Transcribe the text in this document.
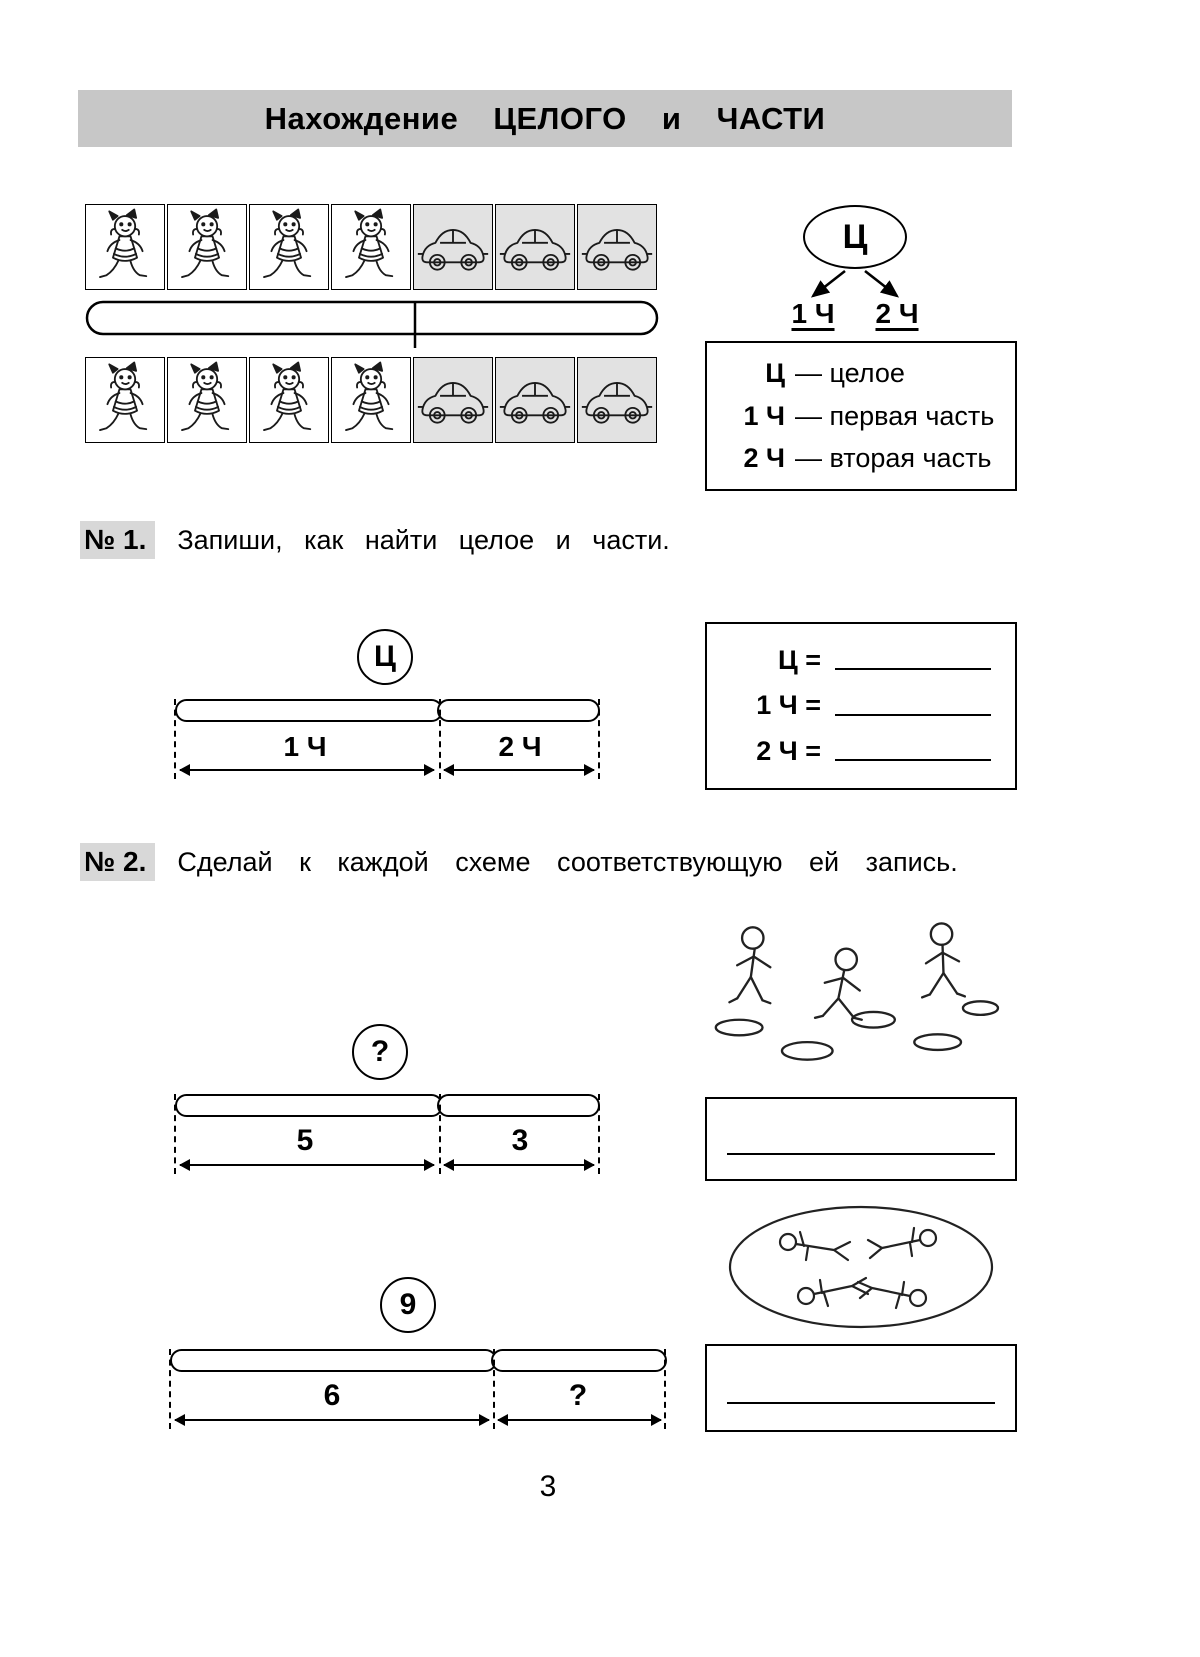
Нахождение ЦЕЛОГО и ЧАСТИ
Ц
1 Ч	2 Ч
Ц — целое
1 Ч — первая часть
2 Ч — вторая часть
№ 1.	Запиши, как найти целое и части.
Ц
1 Ч	2 Ч
Ц =
1 Ч =
2 Ч =
№ 2.	Сделай к каждой схеме соответствующую ей запись.
?
5	3
9
6	?
3
